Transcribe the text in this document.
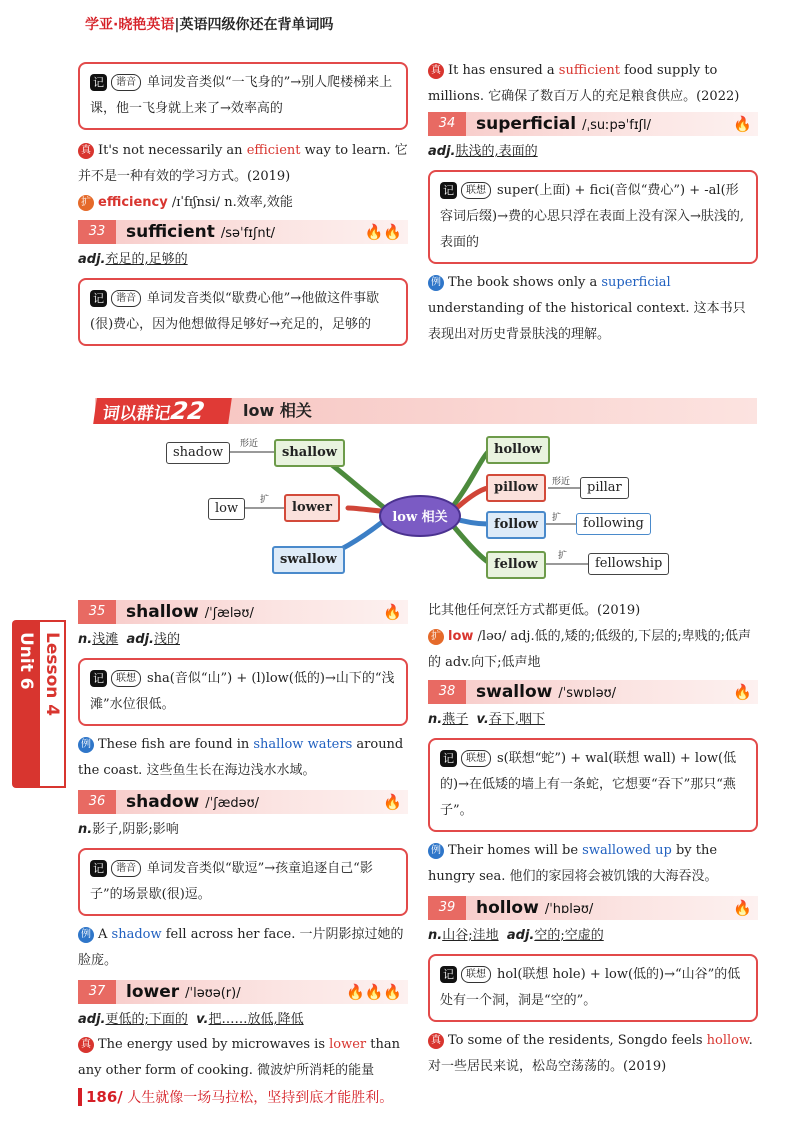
学亚·晓艳英语|英语四级你还在背单词吗
记 谐音 单词发音类似“一飞身的”→别人爬楼梯来上课，他一飞身就上来了→效率高的
真 It's not necessarily an efficient way to learn. 它并不是一种有效的学习方式。(2019)
扩 efficiency /ɪˈfɪʃnsi/ n.效率,效能
33	sufficient /səˈfɪʃnt/	🔥🔥
adj.充足的,足够的
记 谐音 单词发音类似“歇费心他”→他做这件事歇(很)费心，因为他想做得足够好→充足的，足够的
真 It has ensured a sufficient food supply to millions. 它确保了数百万人的充足粮食供应。(2022)
34	superficial /ˌsuːpəˈfɪʃl/	🔥
adj.肤浅的,表面的
记 联想 super(上面) + fici(音似“费心”) + -al(形容词后缀)→费的心思只浮在表面上没有深入→肤浅的,表面的
例 The book shows only a superficial understanding of the historical context. 这本书只表现出对历史背景肤浅的理解。
词以群记22	low 相关
low 相关
shadow
形近
shallow
low
扩	lower
swallow
hollow
pillow	形近	pillar
follow	扩	following
fellow
扩	fellowship
Unit 6 Lesson 4
35	shallow /ˈʃæləʊ/	🔥
n.浅滩 adj.浅的
记 联想 sha(音似“山”) + (l)low(低的)→山下的“浅滩”水位很低。
例 These fish are found in shallow waters around the coast. 这些鱼生长在海边浅水水域。
36	shadow /ˈʃædəʊ/	🔥
n.影子,阴影;影响
记 谐音 单词发音类似“歇逗”→孩童追逐自己“影子”的场景歇(很)逗。
例 A shadow fell across her face. 一片阴影掠过她的脸庞。
37	lower /ˈləʊə(r)/	🔥🔥🔥
adj.更低的;下面的 v.把……放低,降低
真 The energy used by microwaves is lower than any other form of cooking. 微波炉所消耗的能量
比其他任何烹饪方式都更低。(2019)
扩 low /ləʊ/ adj.低的,矮的;低级的,下层的;卑贱的;低声的 adv.向下;低声地
38	swallow /ˈswɒləʊ/	🔥
n.燕子 v.吞下,咽下
记 联想 s(联想“蛇”) + wal(联想 wall) + low(低的)→在低矮的墙上有一条蛇，它想要“吞下”那只“燕子”。
例 Their homes will be swallowed up by the hungry sea. 他们的家园将会被饥饿的大海吞没。
39	hollow /ˈhɒləʊ/	🔥
n.山谷;洼地 adj.空的;空虚的
记 联想 hol(联想 hole) + low(低的)→“山谷”的低处有一个洞，洞是“空的”。
真 To some of the residents, Songdo feels hollow. 对一些居民来说，松岛空荡荡的。(2019)
186/ 人生就像一场马拉松，坚持到底才能胜利。
